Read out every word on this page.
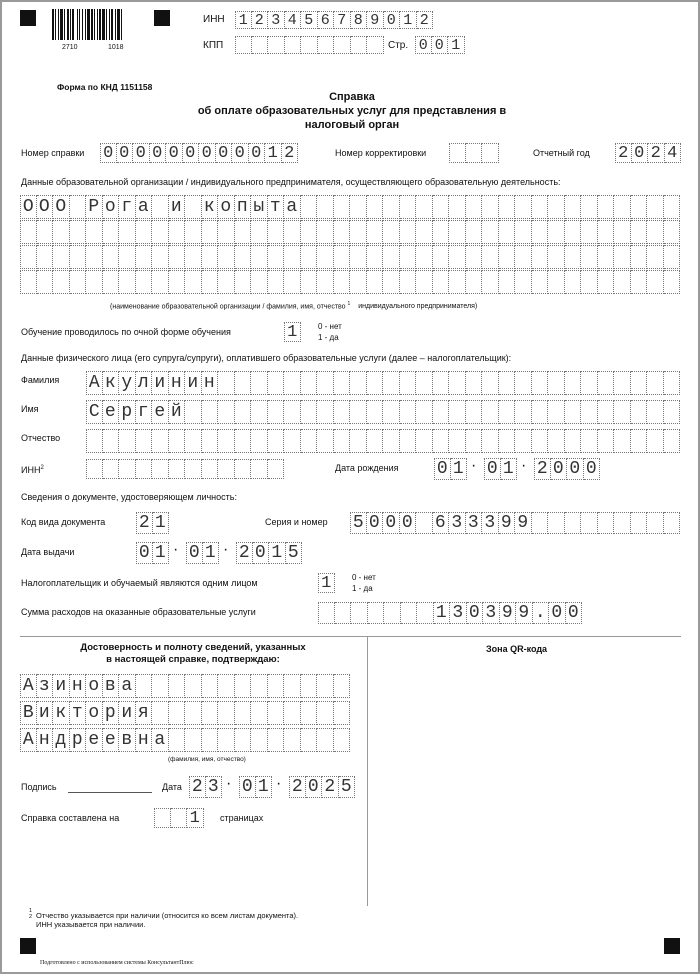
2710	1018
ИНН 1 2 3 4 5 6 7 8 9 0 1 2
КПП	Стр. 0 0 1
Форма по КНД 1151158
Справка
об оплате образовательных услуг для представления в
налоговый орган
Номер справки 0 0 0 0 0 0 0 0 0 0 1 2	Номер корректировки	Отчетный год 2 0 2 4
Данные образовательной организации / индивидуального предпринимателя, осуществляющего образовательную деятельность:
О О О Р о г а и к о п ы т а
(наименование образовательной организации / фамилия, имя, отчество $^1$ индивидуального предпринимателя)
Обучение проводилось по очной форме обучения	1	0 - нет
1 - да
Данные физического лица (его супруга/супруги), оплатившего образовательные услуги (далее – налогоплательщик):
Фамилия А к у л и н и н
Имя	С е р г е й
Отчество
ИНН$^2$	Дата рождения 0 1 · 0 1 · 2 0 0 0
Сведения о документе, удостоверяющем личность:
Код вида документа 2 1	Серия и номер 5 0 0 0 6 3 3 3 9 9
Дата выдачи	0 1 · 0 1 · 2 0 1 5
Налогоплательщик и обучаемый являются одним лицом	1	0 - нет
1 - да
Сумма расходов на оказанные образовательные услуги	1 3 0 3 9 9 . 0 0
Достоверность и полноту сведений, указанных
в настоящей справке, подтверждаю:
А з и н о в а
В и к т о р и я
А н д р е е в н а
(фамилия, имя, отчество)
Подпись	Дата 2 3 · 0 1 · 2 0 2 5
Справка составлена на	1	страницах
Зона QR-кода
1
2 Отчество указывается при наличии (относится ко всем листам документа).
ИНН указывается при наличии.
Подготовлено с использованием системы КонсультантПлюс
